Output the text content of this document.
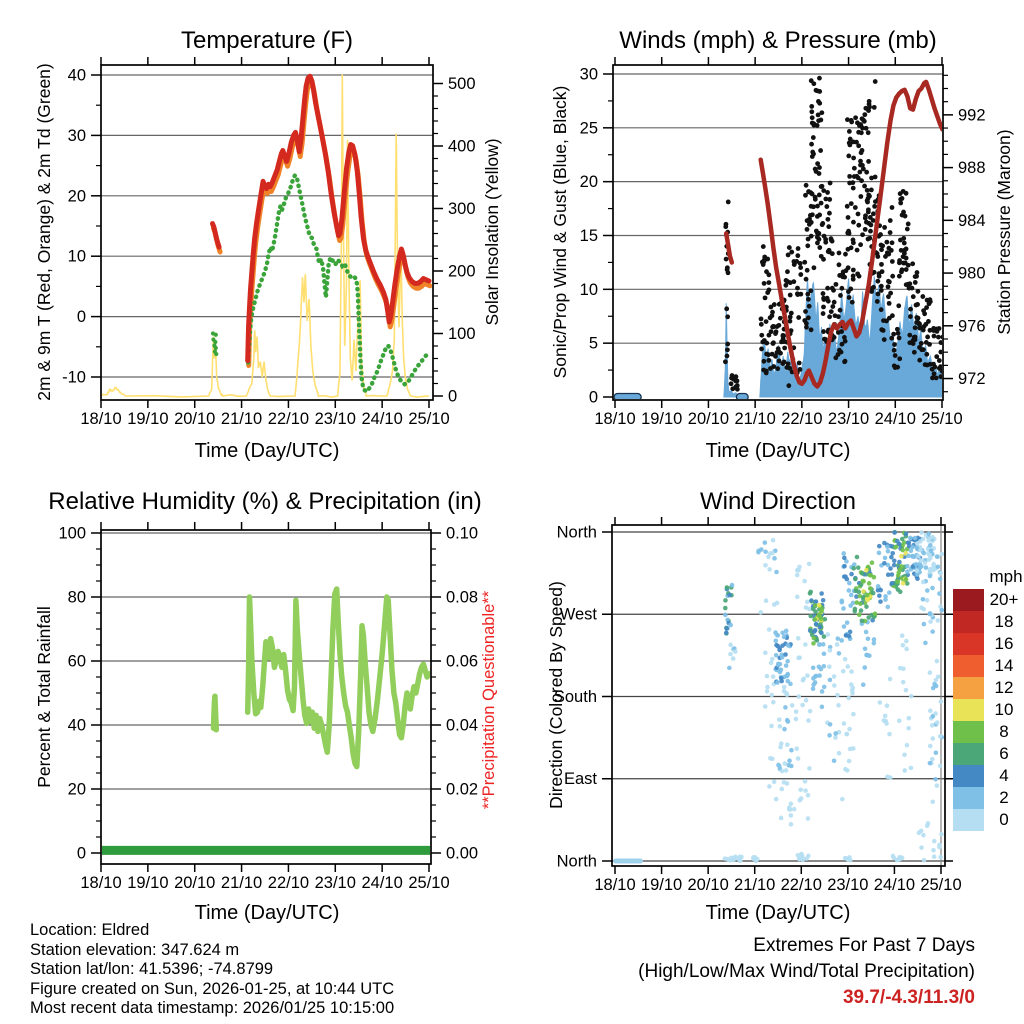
18/10 19/10 20/10 21/10 22/10 23/10 24/10 25/10
-10
0
10
20
30
40
0
100
200
300
400
500
18/10 19/10 20/10 21/10 22/10 23/10 24/10 25/10
0
5
10
15
20
25
30
972
976
980
984
988
992
18/10 19/10 20/10 21/10 22/10 23/10 24/10 25/10
0
20
40
60
80
100
0.00
0.02
0.04
0.06
0.08
0.10
North
East
South
West
North
18/10 19/10 20/10 21/10 22/10 23/10 24/10 25/10
Temperature (F)	Winds (mph) & Pressure (mb)
Relative Humidity (%) & Precipitation (in)	Wind Direction
Time (Day/UTC)	Time (Day/UTC)
Time (Day/UTC)	Time (Day/UTC)
2m & 9m T (Red, Orange) & 2m Td (Green)	Solar Insolation (Yellow)	Sonic/Prop Wind & Gust (Blue, Black)	Station Pressure (Maroon)
Percent & Total Rainfall	**Precipitation Questionable**	Direction (Colored By Speed)
mph
20+
18
16
14
12
10
8
6
4
2
0
Location: Eldred
Station elevation: 347.624 m
Station lat/lon: 41.5396; -74.8799
Figure created on Sun, 2026-01-25, at 10:44 UTC
Most recent data timestamp: 2026/01/25 10:15:00
Extremes For Past 7 Days
(High/Low/Max Wind/Total Precipitation)
39.7/-4.3/11.3/0
